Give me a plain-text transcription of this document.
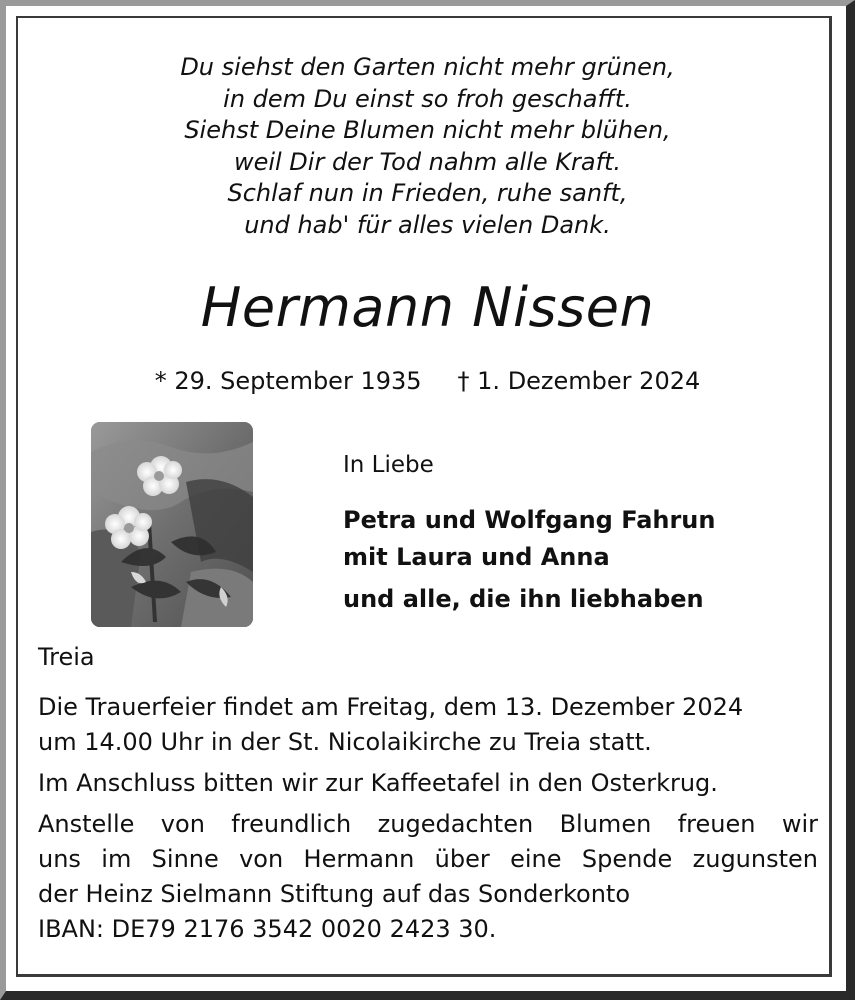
Du siehst den Garten nicht mehr grünen,
in dem Du einst so froh geschafft.
Siehst Deine Blumen nicht mehr blühen,
weil Dir der Tod nahm alle Kraft.
Schlaf nun in Frieden, ruhe sanft,
und hab' für alles vielen Dank.
Hermann Nissen
* 29. September 1935 † 1. Dezember 2024
In Liebe
Petra und Wolfgang Fahrun
mit Laura und Anna
und alle, die ihn liebhaben
Treia

Die Trauerfeier findet am Freitag, dem 13. Dezember 2024
um 14.00 Uhr in der St. Nicolaikirche zu Treia statt.

Im Anschluss bitten wir zur Kaffeetafel in den Osterkrug.

Anstelle von freundlich zugedachten Blumen freuen wir
uns im Sinne von Hermann über eine Spende zugunsten
der Heinz Sielmann Stiftung auf das Sonderkonto
IBAN: DE79 2176 3542 0020 2423 30.
